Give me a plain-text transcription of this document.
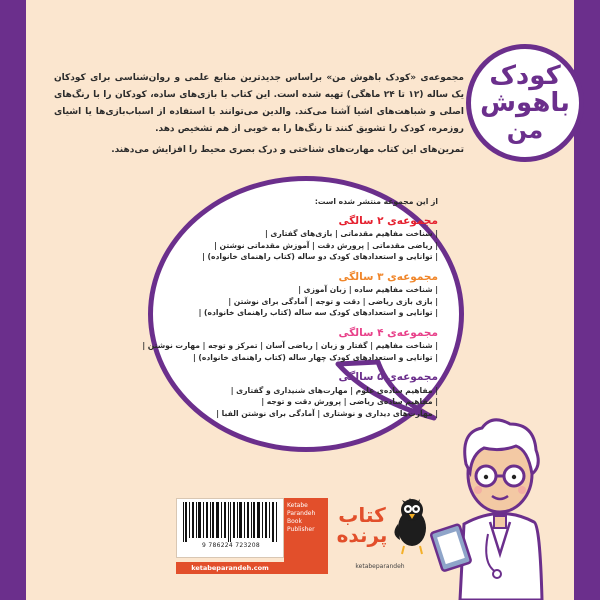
کودک
باهوش
من

مجموعه‌ی «کودک باهوش من» براساس جدیدترین منابع علمی و روان‌شناسی برای کودکان یک ساله (۱۲ تا ۲۴ ماهگی) تهیه شده است. این کتاب با بازی‌های ساده، کودکان را با رنگ‌های اصلی و شباهت‌های اشیا آشنا می‌کند. والدین می‌توانند با استفاده از اسباب‌بازی‌ها یا اشیای روزمره، کودک را تشویق کنند تا رنگ‌ها را به خوبی از هم تشخیص دهد.

تمرین‌های این کتاب مهارت‌های شناختی و درک بصری محیط را افزایش می‌دهند.

از این مجموعه منتشر شده است:

مجموعه‌ی ۲ سالگی
| شناخت مفاهیم مقدماتی | بازی‌های گفتاری |
| ریاضی مقدماتی | پرورش دقت | آموزش مقدماتی نوشتن |
| توانایی و استعدادهای کودک دو ساله (کتاب راهنمای خانواده) |
مجموعه‌ی ۳ سالگی
| شناخت مفاهیم ساده | زبان آموزی |
| بازی بازی ریاضی | دقت و توجه | آمادگی برای نوشتن |
| توانایی و استعدادهای کودک سه ساله (کتاب راهنمای خانواده) |
مجموعه‌ی ۴ سالگی
| شناخت مفاهیم | گفتار و زبان | ریاضی آسان | تمرکز و توجه | مهارت نوشتن |
| توانایی و استعدادهای کودک چهار ساله (کتاب راهنمای خانواده) |
مجموعه‌ی ۵ سالگی
| مفاهیم ساده‌ی علوم | مهارت‌های شنیداری و گفتاری |
| مفاهیم ساده‌ی ریاضی | پرورش دقت و توجه |
| مهارت‌های دیداری و نوشتاری | آمادگی برای نوشتن الفبا |
9 786224 723208
ketabeparandeh.com
Ketabe
Parandeh
Book
Publisher
کتاب پرنده
ketabeparandeh
